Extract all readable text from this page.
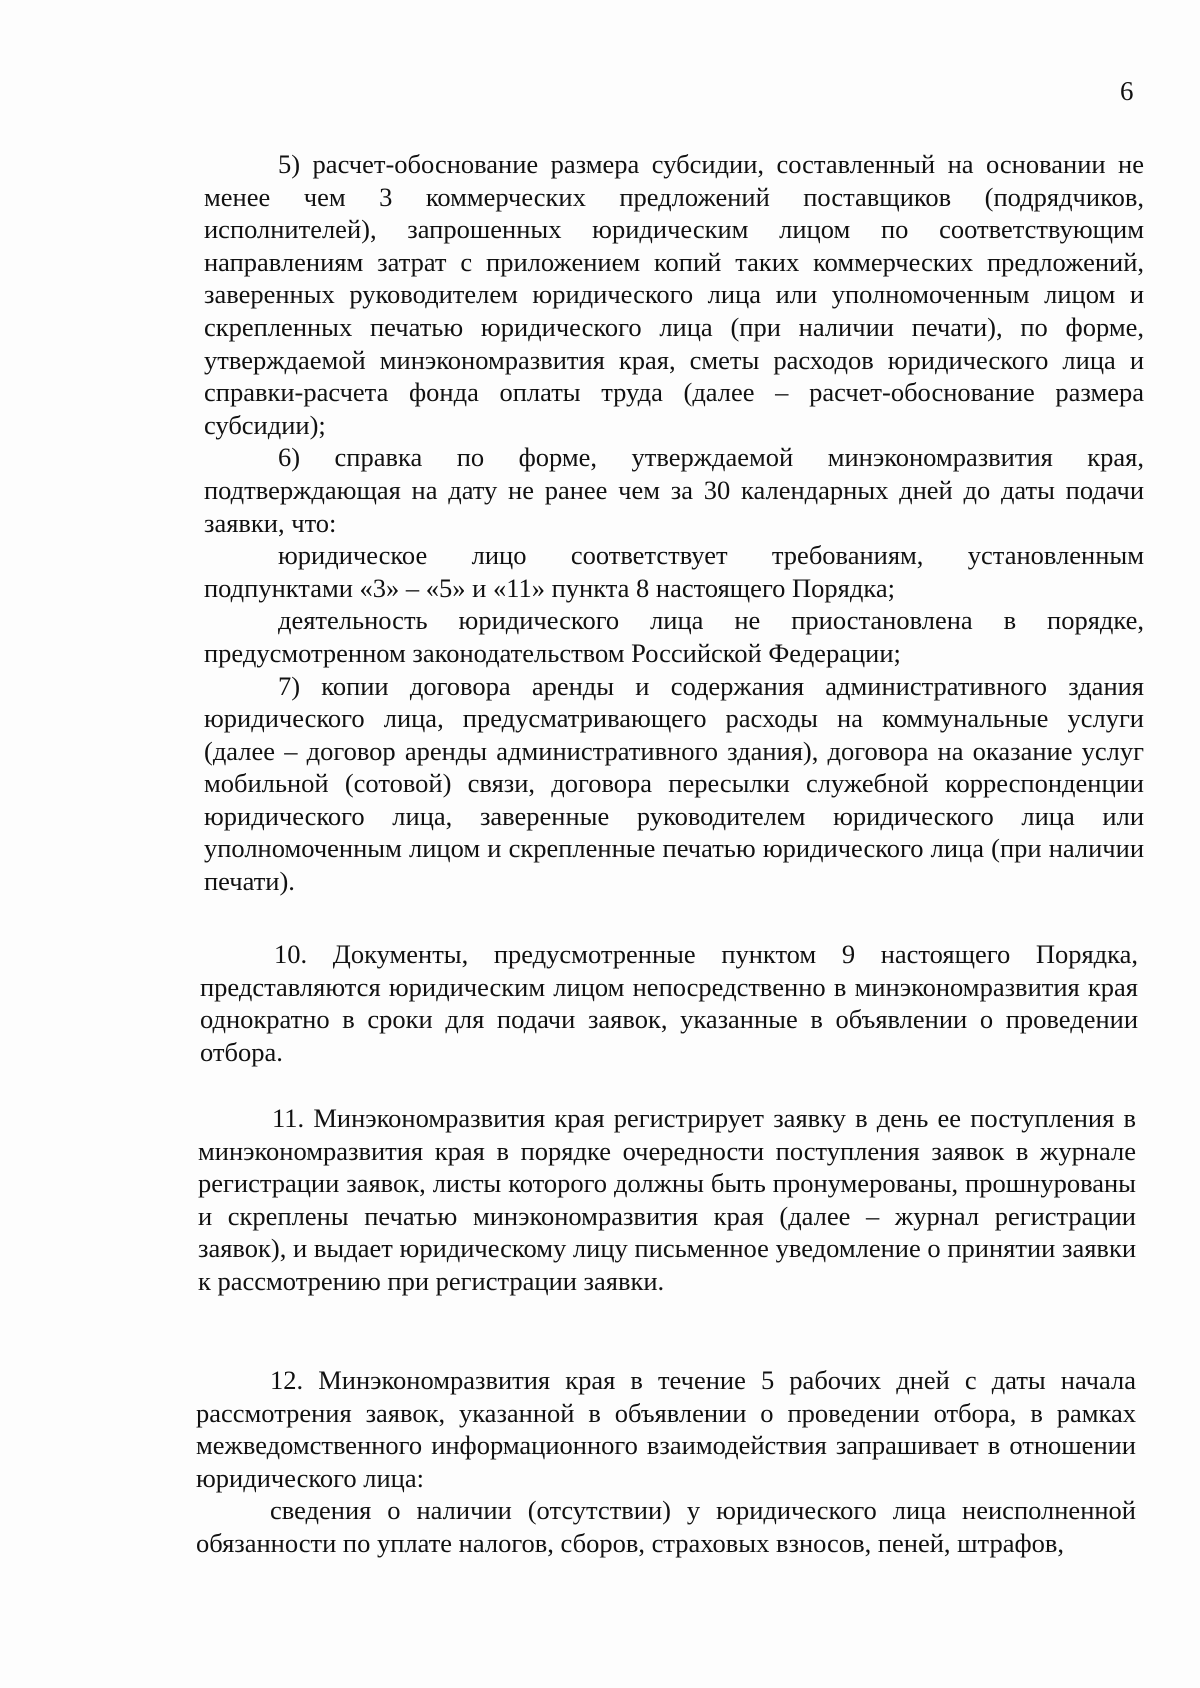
6

5) расчет-обоснование размера субсидии, составленный на основании не менее чем 3 коммерческих предложений поставщиков (подрядчиков, исполнителей), запрошенных юридическим лицом по соответствующим направлениям затрат с приложением копий таких коммерческих предложений, заверенных руководителем юридического лица или уполномоченным лицом и скрепленных печатью юридического лица (при наличии печати), по форме, утверждаемой минэкономразвития края, сметы расходов юридического лица и справки-расчета фонда оплаты труда (далее – расчет-обоснование размера субсидии);

6) справка по форме, утверждаемой минэкономразвития края, подтверждающая на дату не ранее чем за 30 календарных дней до даты подачи заявки, что:

юридическое лицо соответствует требованиям, установленным подпунктами «3» – «5» и «11» пункта 8 настоящего Порядка;

деятельность юридического лица не приостановлена в порядке, предусмотренном законодательством Российской Федерации;

7) копии договора аренды и содержания административного здания юридического лица, предусматривающего расходы на коммунальные услуги (далее – договор аренды административного здания), договора на оказание услуг мобильной (сотовой) связи, договора пересылки служебной корреспонденции юридического лица, заверенные руководителем юридического лица или уполномоченным лицом и скрепленные печатью юридического лица (при наличии печати).

10. Документы, предусмотренные пунктом 9 настоящего Порядка, представляются юридическим лицом непосредственно в минэкономразвития края однократно в сроки для подачи заявок, указанные в объявлении о проведении отбора.

11. Минэкономразвития края регистрирует заявку в день ее поступления в минэкономразвития края в порядке очередности поступления заявок в журнале регистрации заявок, листы которого должны быть пронумерованы, прошнурованы и скреплены печатью минэкономразвития края (далее – журнал регистрации заявок), и выдает юридическому лицу письменное уведомление о принятии заявки к рассмотрению при регистрации заявки.

12. Минэкономразвития края в течение 5 рабочих дней с даты начала рассмотрения заявок, указанной в объявлении о проведении отбора, в рамках межведомственного информационного взаимодействия запрашивает в отношении юридического лица:

сведения о наличии (отсутствии) у юридического лица неисполненной обязанности по уплате налогов, сборов, страховых взносов, пеней, штрафов,
